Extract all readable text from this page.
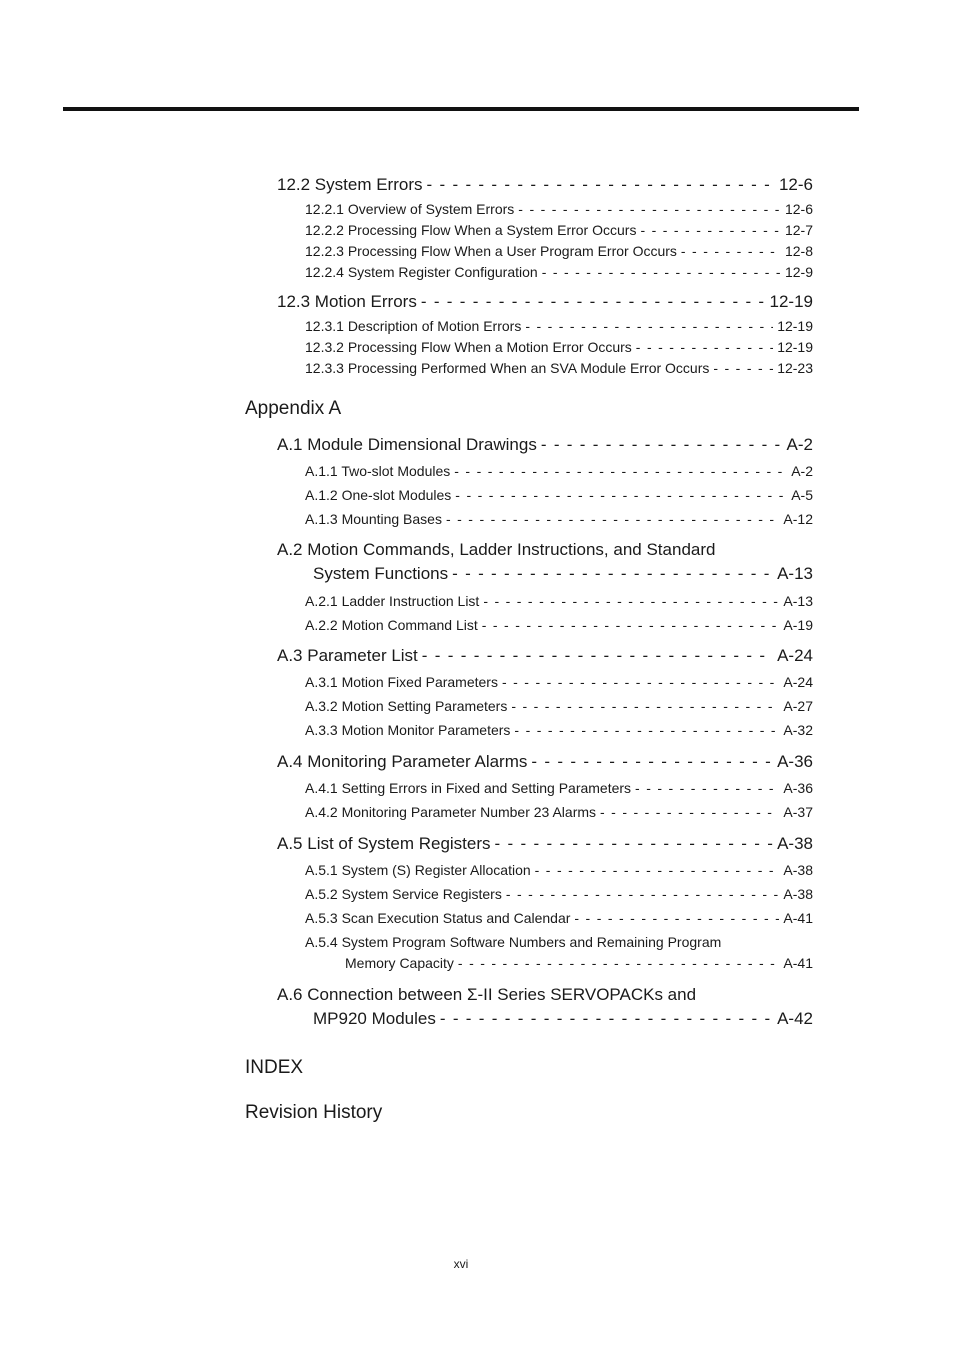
12.2 System Errors - - -	12-6
12.2.1 Overview of System Errors - - -	12-6
12.2.2 Processing Flow When a System Error Occurs - - -	12-7
12.2.3 Processing Flow When a User Program Error Occurs - - -	12-8
12.2.4 System Register Configuration - - -	12-9
12.3 Motion Errors - - -	12-19
12.3.1 Description of Motion Errors - - -	12-19
12.3.2 Processing Flow When a Motion Error Occurs - - -	12-19
12.3.3 Processing Performed When an SVA Module Error Occurs - - -	12-23
Appendix A
A.1 Module Dimensional Drawings - - -	A-2
A.1.1 Two-slot Modules - - -	A-2
A.1.2 One-slot Modules - - -	A-5
A.1.3 Mounting Bases - - -	A-12
A.2 Motion Commands, Ladder Instructions, and Standard
System Functions - - -	A-13
A.2.1 Ladder Instruction List - - -	A-13
A.2.2 Motion Command List - - -	A-19
A.3 Parameter List - - -	A-24
A.3.1 Motion Fixed Parameters - - -	A-24
A.3.2 Motion Setting Parameters - - -	A-27
A.3.3 Motion Monitor Parameters - - -	A-32
A.4 Monitoring Parameter Alarms - - -	A-36
A.4.1 Setting Errors in Fixed and Setting Parameters - - -	A-36
A.4.2 Monitoring Parameter Number 23 Alarms - - -	A-37
A.5 List of System Registers - - -	A-38
A.5.1 System (S) Register Allocation - - -	A-38
A.5.2 System Service Registers - - -	A-38
A.5.3 Scan Execution Status and Calendar - - -	A-41
A.5.4 System Program Software Numbers and Remaining Program
Memory Capacity - - -	A-41
A.6 Connection between Σ-II Series SERVOPACKs and
MP920 Modules - - -	A-42
INDEX
Revision History
xvi
